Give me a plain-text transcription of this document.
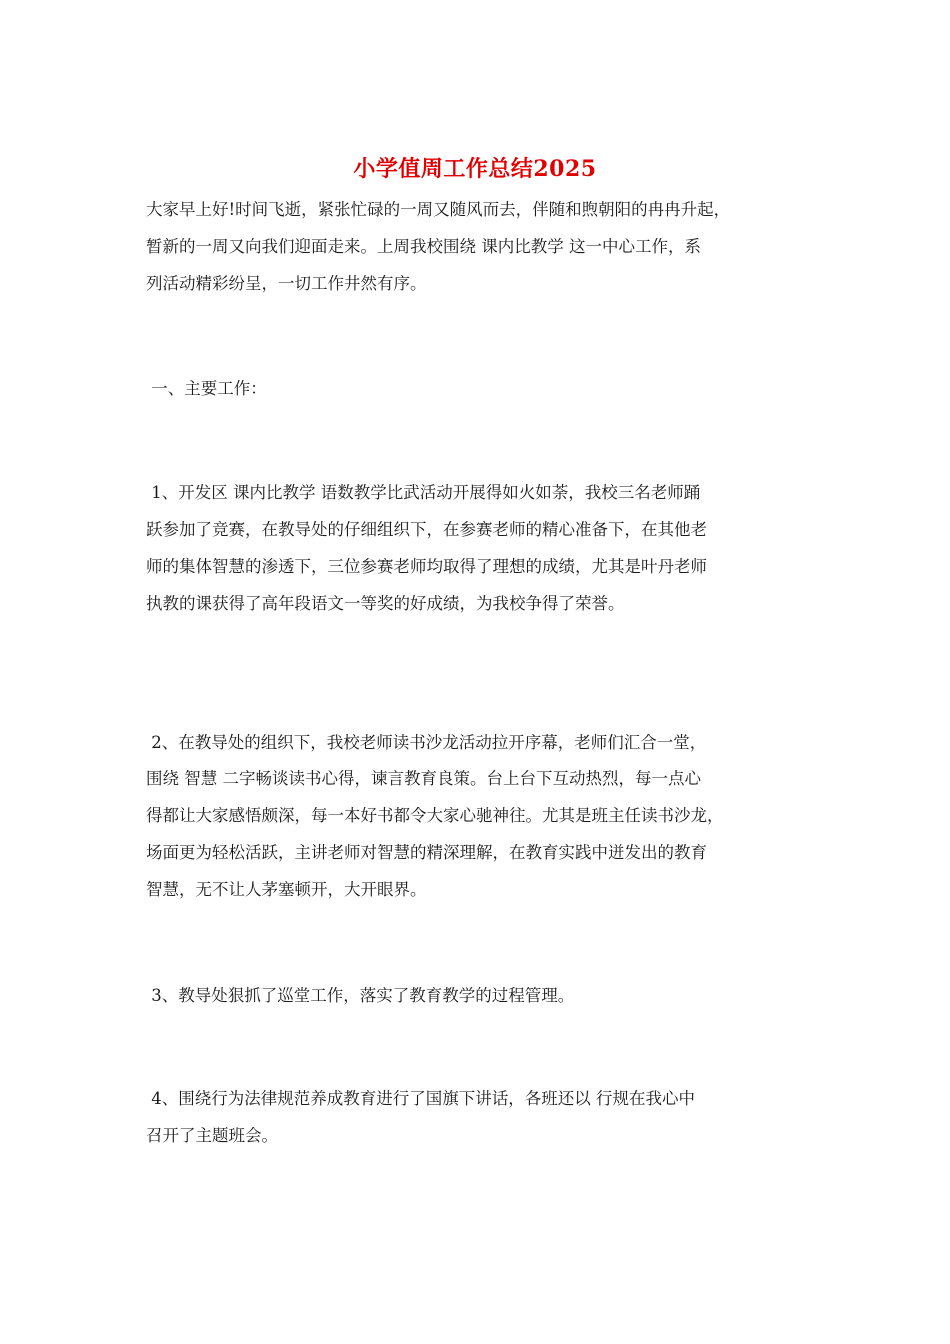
小学值周工作总结2025
大家早上好!时间飞逝，紧张忙碌的一周又随风而去，伴随和煦朝阳的冉冉升起，
暂新的一周又向我们迎面走来。上周我校围绕 课内比教学 这一中心工作，系
列活动精彩纷呈，一切工作井然有序。
一、主要工作：
1、开发区 课内比教学 语数教学比武活动开展得如火如荼，我校三名老师踊
跃参加了竞赛，在教导处的仔细组织下，在参赛老师的精心准备下，在其他老
师的集体智慧的渗透下，三位参赛老师均取得了理想的成绩，尤其是叶丹老师
执教的课获得了高年段语文一等奖的好成绩，为我校争得了荣誉。
2、在教导处的组织下，我校老师读书沙龙活动拉开序幕，老师们汇合一堂，
围绕 智慧 二字畅谈读书心得，谏言教育良策。台上台下互动热烈，每一点心
得都让大家感悟颇深，每一本好书都令大家心驰神往。尤其是班主任读书沙龙，
场面更为轻松活跃，主讲老师对智慧的精深理解，在教育实践中迸发出的教育
智慧，无不让人茅塞顿开，大开眼界。
3、教导处狠抓了巡堂工作，落实了教育教学的过程管理。
4、围绕行为法律规范养成教育进行了国旗下讲话，各班还以 行规在我心中
召开了主题班会。
